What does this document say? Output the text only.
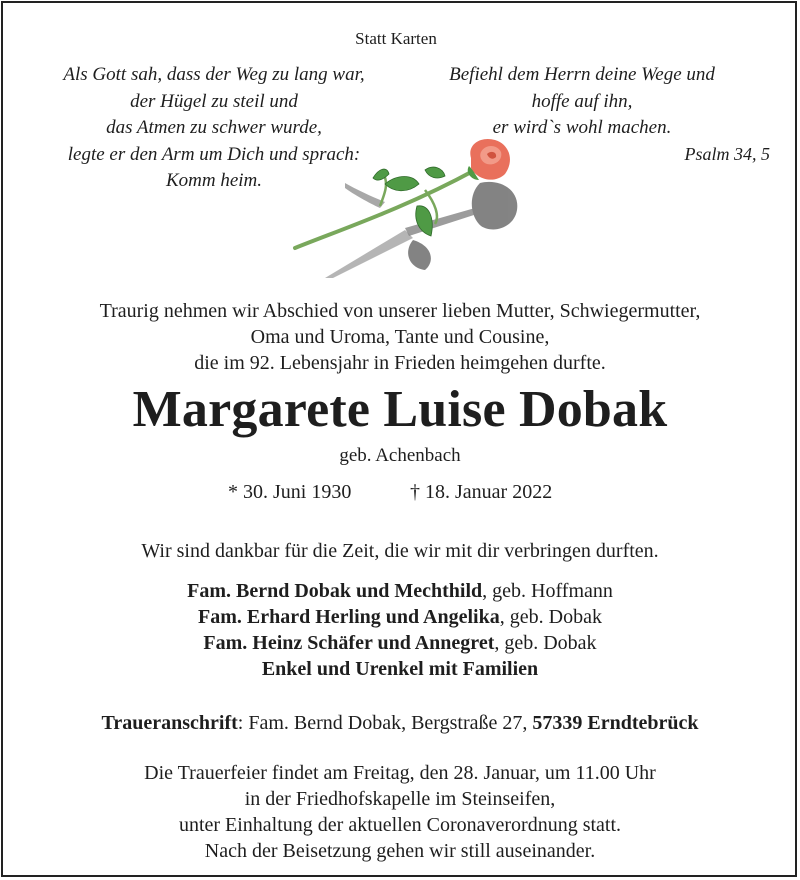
Statt Karten
Als Gott sah, dass der Weg zu lang war,
der Hügel zu steil und
das Atmen zu schwer wurde,
legte er den Arm um Dich und sprach:
Komm heim.
Befiehl dem Herrn deine Wege und
hoffe auf ihn,
er wird`s wohl machen.
Psalm 34, 5
Traurig nehmen wir Abschied von unserer lieben Mutter, Schwiegermutter,
Oma und Uroma, Tante und Cousine,
die im 92. Lebensjahr in Frieden heimgehen durfte.
Margarete Luise Dobak
geb. Achenbach
* 30. Juni 1930	† 18. Januar 2022
Wir sind dankbar für die Zeit, die wir mit dir verbringen durften.
Fam. Bernd Dobak und Mechthild, geb. Hoffmann
Fam. Erhard Herling und Angelika, geb. Dobak
Fam. Heinz Schäfer und Annegret, geb. Dobak
Enkel und Urenkel mit Familien
Traueranschrift: Fam. Bernd Dobak, Bergstraße 27, 57339 Erndtebrück
Die Trauerfeier findet am Freitag, den 28. Januar, um 11.00 Uhr
in der Friedhofskapelle im Steinseifen,
unter Einhaltung der aktuellen Coronaverordnung statt.
Nach der Beisetzung gehen wir still auseinander.
